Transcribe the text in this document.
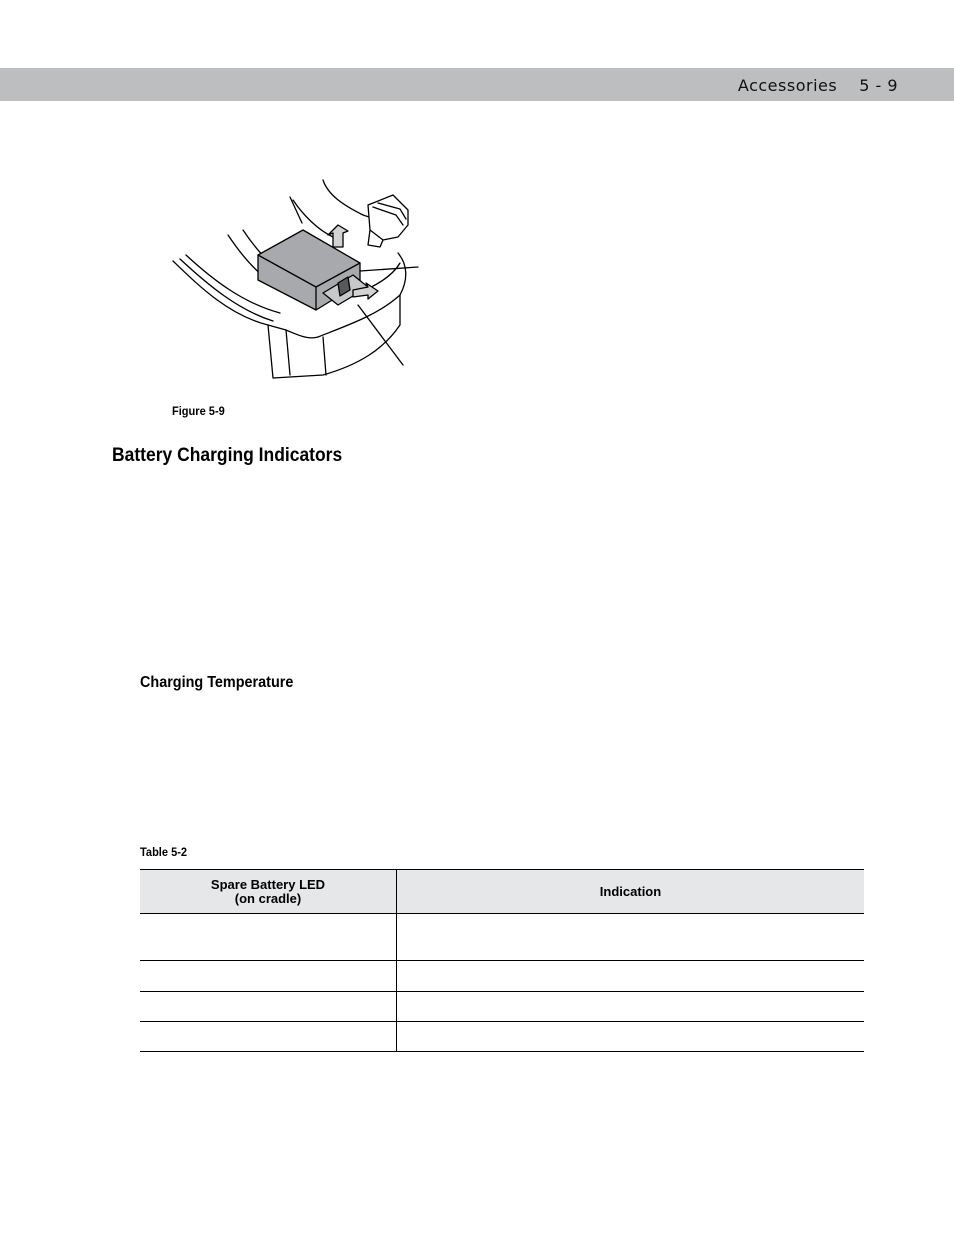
Accessories 5 - 9
Figure 5-9
Battery Charging Indicators
Charging Temperature
Table 5-2
Spare Battery LED
(on cradle)	Indication
